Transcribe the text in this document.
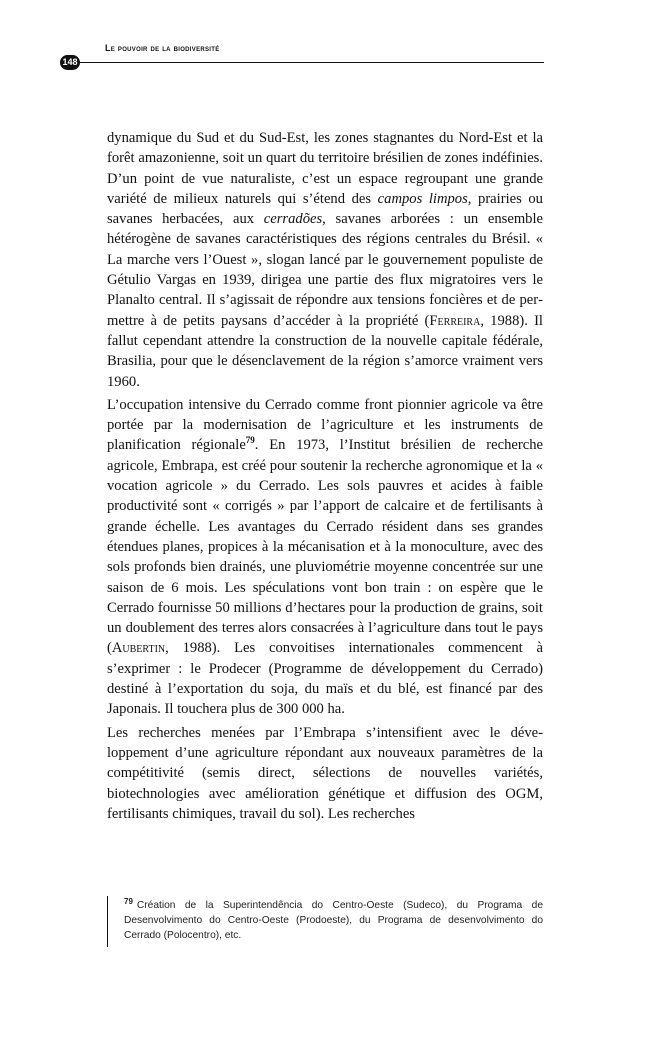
Le pouvoir de la biodiversité
148

dynamique du Sud et du Sud-Est, les zones stagnantes du Nord-Est et la forêt amazonienne, soit un quart du territoire brésilien de zones indéfinies. D’un point de vue naturaliste, c’est un espace regroupant une grande variété de milieux naturels qui s’étend des campos limpos, prairies ou savanes herbacées, aux cerradões, savanes arborées : un ensemble hétérogène de savanes caractéristiques des régions centrales du Brésil. « La marche vers l’Ouest », slogan lancé par le gouvernement populiste de Gétulio Vargas en 1939, dirigea une partie des flux migratoires vers le Planalto central. Il s’agissait de répondre aux tensions foncières et de permettre à de petits paysans d’accéder à la propriété (Ferreira, 1988). Il fallut cependant attendre la construction de la nouvelle capitale fédérale, Brasilia, pour que le désenclavement de la région s’amorce vraiment vers 1960.

L’occupation intensive du Cerrado comme front pionnier agricole va être portée par la modernisation de l’agriculture et les instruments de planification régionale$^{79}$. En 1973, l’Institut brésilien de recherche agricole, Embrapa, est créé pour soutenir la recherche agronomique et la « vocation agricole » du Cerrado. Les sols pauvres et acides à faible productivité sont « corrigés » par l’apport de calcaire et de fertilisants à grande échelle. Les avantages du Cerrado résident dans ses grandes étendues planes, propices à la mécanisation et à la monoculture, avec des sols profonds bien drainés, une pluviométrie moyenne concentrée sur une saison de 6 mois. Les spéculations vont bon train : on espère que le Cerrado fournisse 50 millions d’hectares pour la production de grains, soit un doublement des terres alors consacrées à l’agriculture dans tout le pays (Aubertin, 1988). Les convoitises internationales commencent à s’exprimer : le Prodecer (Programme de développement du Cerrado) destiné à l’exportation du soja, du maïs et du blé, est financé par des Japonais. Il touchera plus de 300 000 ha.

Les recherches menées par l’Embrapa s’intensifient avec le développement d’une agriculture répondant aux nouveaux paramètres de la compétitivité (semis direct, sélections de nouvelles variétés, biotechnologies avec amélioration génétique et diffusion des OGM, fertilisants chimiques, travail du sol). Les recherches

$^{79}$ Création de la Superintendência do Centro-Oeste (Sudeco), du Programa de Desenvolvimento do Centro-Oeste (Prodoeste), du Programa de desenvolvimento do Cerrado (Polocentro), etc.
